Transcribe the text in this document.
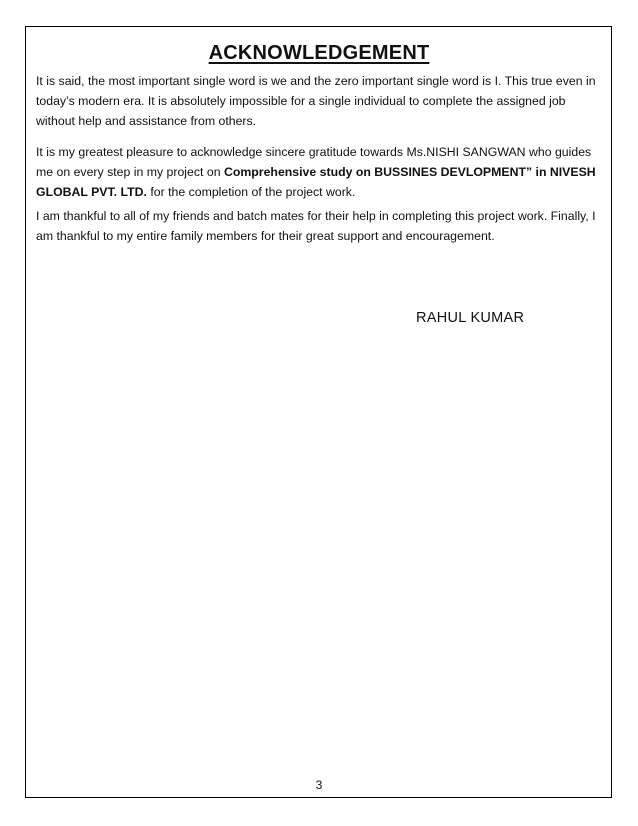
ACKNOWLEDGEMENT

It is said, the most important single word is we and the zero important single word is I. This true even in today’s modern era. It is absolutely impossible for a single individual to complete the assigned job without help and assistance from others.

It is my greatest pleasure to acknowledge sincere gratitude towards Ms.NISHI SANGWAN who guides me on every step in my project on Comprehensive study on BUSSINES DEVLOPMENT” in NIVESH GLOBAL PVT. LTD. for the completion of the project work.

I am thankful to all of my friends and batch mates for their help in completing this project work. Finally, I am thankful to my entire family members for their great support and encouragement.

RAHUL KUMAR
3
